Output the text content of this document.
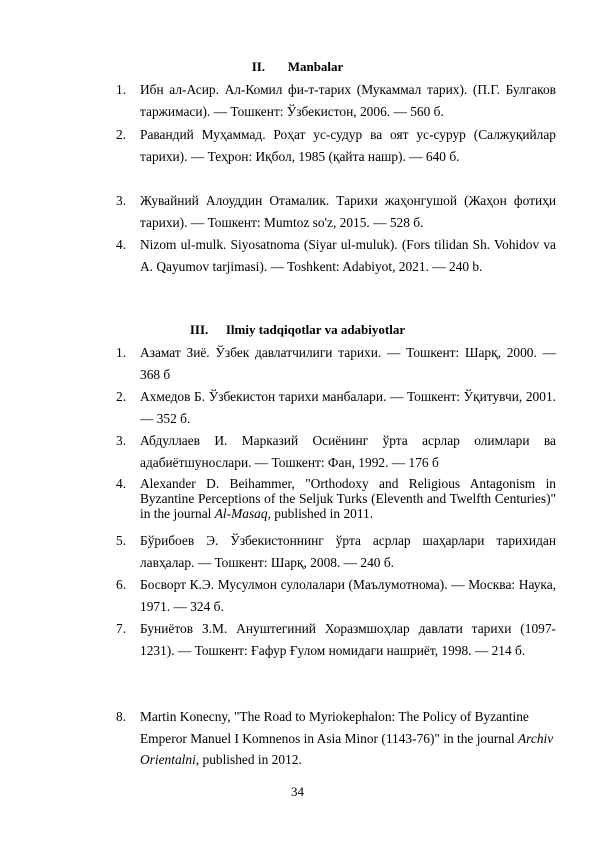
II. Manbalar
1. Ибн ал-Асир. Ал-Комил фи-т-тарих (Мукаммал тарих). (П.Г. Булгаков таржимаси). — Тошкент: Ўзбекистон, 2006. — 560 б.
2. Равандий Муҳаммад. Роҳат ус-судур ва оят ус-сурур (Салжуқийлар тарихи). — Теҳрон: Иқбол, 1985 (қайта нашр). — 640 б.
3. Жувайний Алоуддин Отамалик. Тарихи жаҳонгушой (Жаҳон фотиҳи тарихи). — Тошкент: Mumtoz so'z, 2015. — 528 б.
4. Nizom ul-mulk. Siyosatnoma (Siyar ul-muluk). (Fors tilidan Sh. Vohidov va A. Qayumov tarjimasi). — Toshkent: Adabiyot, 2021. — 240 b.
III. Ilmiy tadqiqotlar va adabiyotlar
1. Азамат Зиё. Ўзбек давлатчилиги тарихи. — Тошкент: Шарқ, 2000. — 368 б
2. Ахмедов Б. Ўзбекистон тарихи манбалари. — Тошкент: Ўқитувчи, 2001. — 352 б.
3. Абдуллаев И. Марказий Осиёнинг ўрта асрлар олимлари ва адабиётшунослари. — Тошкент: Фан, 1992. — 176 б
4. Alexander D. Beihammer, "Orthodoxy and Religious Antagonism in Byzantine Perceptions of the Seljuk Turks (Eleventh and Twelfth Centuries)" in the journal Al-Masaq, published in 2011.
5. Бўрибоев Э. Ўзбекистоннинг ўрта асрлар шаҳарлари тарихидан лавҳалар. — Тошкент: Шарқ, 2008. — 240 б.
6. Босворт К.Э. Мусулмон сулолалари (Маълумотнома). — Москва: Наука, 1971. — 324 б.
7. Буниётов З.М. Ануштегиний Хоразмшоҳлар давлати тарихи (1097-1231). — Тошкент: Ғафур Ғулом номидаги нашриёт, 1998. — 214 б.
8. Martin Konecny, "The Road to Myriokephalon: The Policy of Byzantine Emperor Manuel I Komnenos in Asia Minor (1143-76)" in the journal Archiv Orientalni, published in 2012.
34
